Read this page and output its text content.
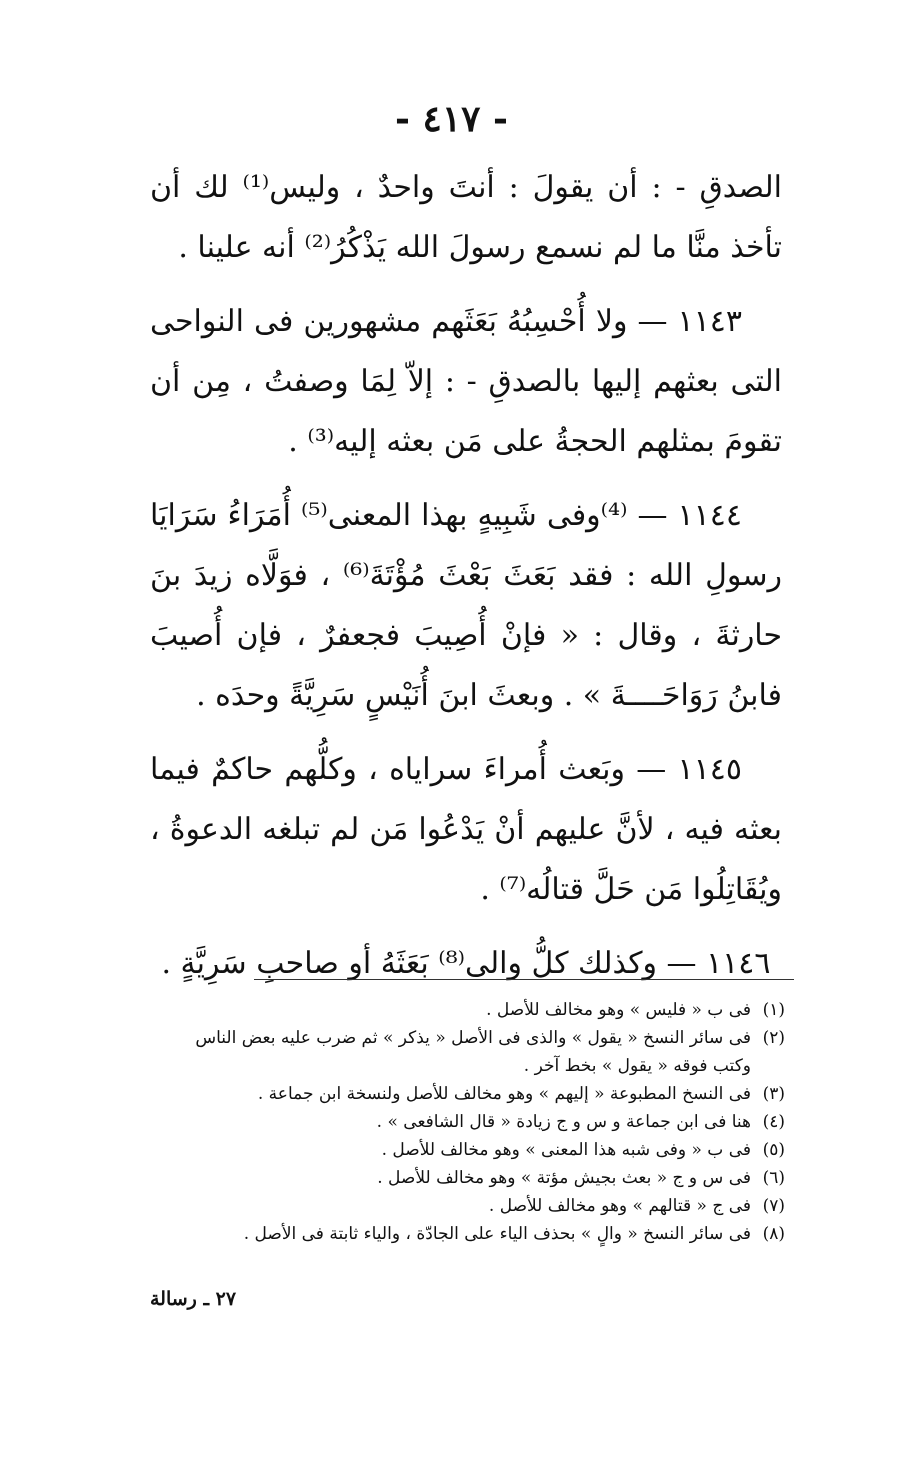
- ٤١٧ -

الصدقِ - : أن يقولَ : أنتَ واحدٌ ، وليس⁽¹⁾ لك أن تأخذ منَّا ما لم نسمع رسولَ الله يَذْكُرُ⁽²⁾ أنه علينا .

١١٤٣ — ولا أُحْسِبُهُ بَعَثَهم مشهورين فى النواحى التى بعثهم إليها بالصدقِ - : إلاّ لِمَا وصفتُ ، مِن أن تقومَ بمثلهم الحجةُ على مَن بعثه إليه⁽³⁾ .

١١٤٤ — ⁽⁴⁾وفى شَبِيهٍ بهذا المعنى⁽⁵⁾ أُمَرَاءُ سَرَايَا رسولِ الله : فقد بَعَثَ بَعْثَ مُؤْتَةَ⁽⁶⁾ ، فوَلَّاه زيدَ بنَ حارثةَ ، وقال : « فإنْ أُصِيبَ فجعفرٌ ، فإن أُصيبَ فابنُ رَوَاحَــــةَ » . وبعثَ ابنَ أُنَيْسٍ سَرِيَّةً وحدَه .

١١٤٥ — وبَعث أُمراءَ سراياه ، وكلُّهم حاكمٌ فيما بعثه فيه ، لأنَّ عليهم أنْ يَدْعُوا مَن لم تبلغه الدعوةُ ، ويُقَاتِلُوا مَن حَلَّ قتالُه⁽⁷⁾ .

١١٤٦ — وكذلك كلُّ والى⁽⁸⁾ بَعَثَهُ أو صاحبِ سَرِيَّةٍ .

(١)فى ب « فليس » وهو مخالف للأصل .

(٢)فى سائر النسخ « يقول » والذى فى الأصل « يذكر » ثم ضرب عليه بعض الناس

وكتب فوقه « يقول » بخط آخر .

(٣)فى النسخ المطبوعة « إليهم » وهو مخالف للأصل ولنسخة ابن جماعة .

(٤)هنا فى ابن جماعة و س و ج زيادة « قال الشافعى » .

(٥)فى ب « وفى شبه هذا المعنى » وهو مخالف للأصل .

(٦)فى س و ج « بعث بجيش مؤتة » وهو مخالف للأصل .

(٧)فى ج « قتالهم » وهو مخالف للأصل .

(٨)فى سائر النسخ « والٍ » بحذف الياء على الجادّة ، والياء ثابتة فى الأصل .

٢٧ ـ رسالة
